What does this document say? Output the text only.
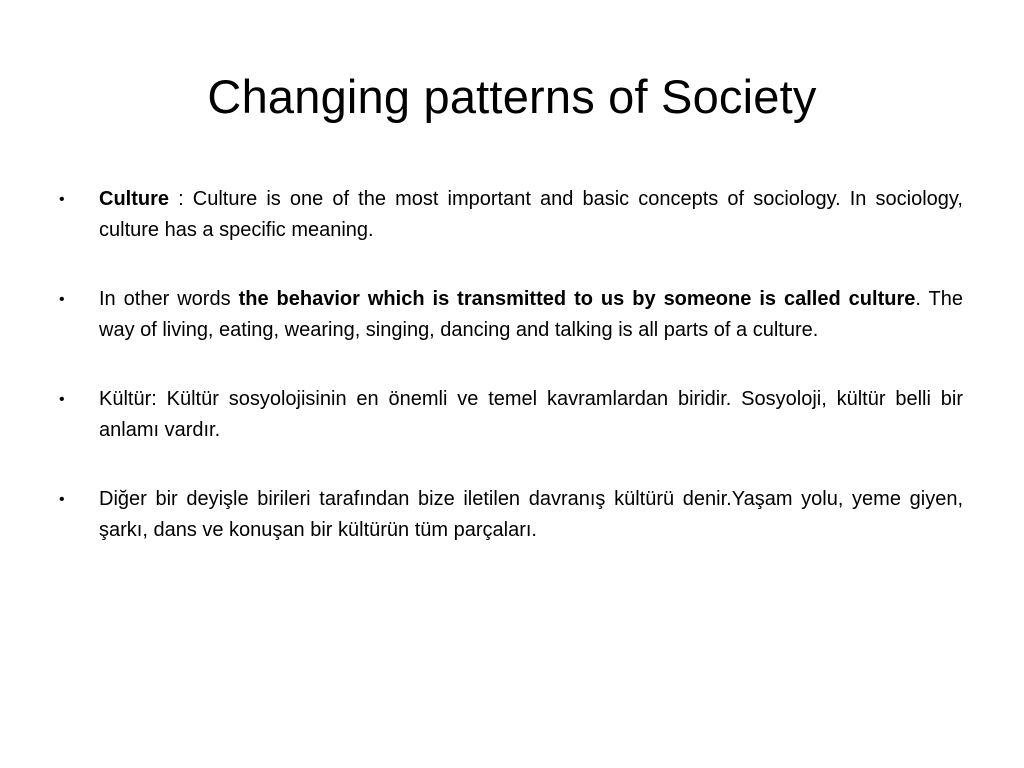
Changing patterns of Society
• Culture : Culture is one of the most important and basic concepts of sociology. In sociology, culture has a specific meaning.
• In other words the behavior which is transmitted to us by someone is called culture. The way of living, eating, wearing, singing, dancing and talking is all parts of a culture.
• Kültür: Kültür sosyolojisinin en önemli ve temel kavramlardan biridir. Sosyoloji, kültür belli bir anlamı vardır.
• Diğer bir deyişle birileri tarafından bize iletilen davranış kültürü denir.Yaşam yolu, yeme giyen, şarkı, dans ve konuşan bir kültürün tüm parçaları.
